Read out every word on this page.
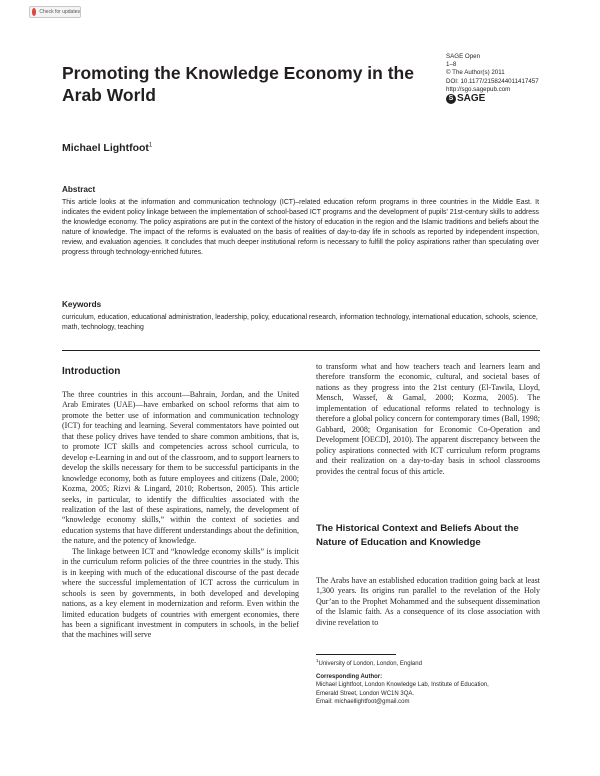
Check for updates
Promoting the Knowledge Economy in the Arab World
SAGE Open
1–8
© The Author(s) 2011
DOI: 10.1177/2158244011417457
http://sgo.sagepub.com
S SAGE
Michael Lightfoot$^1$
Abstract

This article looks at the information and communication technology (ICT)–related education reform programs in three countries in the Middle East. It indicates the evident policy linkage between the implementation of school-based ICT programs and the development of pupils' 21st-century skills to address the knowledge economy. The policy aspirations are put in the context of the history of education in the region and the Islamic traditions and beliefs about the nature of knowledge. The impact of the reforms is evaluated on the basis of realities of day-to-day life in schools as reported by independent inspection, review, and evaluation agencies. It concludes that much deeper institutional reform is necessary to fulfill the policy aspirations rather than speculating over progress through technology-enriched futures.

Keywords

curriculum, education, educational administration, leadership, policy, educational research, information technology, international education, schools, science, math, technology, teaching

Introduction

The three countries in this account—Bahrain, Jordan, and the United Arab Emirates (UAE)—have embarked on school reforms that aim to promote the better use of information and communication technology (ICT) for teaching and learning. Several commentators have pointed out that these policy drives have tended to share common ambitions, that is, to promote ICT skills and competencies across school curricula, to develop e-Learning in and out of the classroom, and to support learners to develop the skills necessary for them to be successful participants in the knowledge economy, both as future employees and citizens (Dale, 2000; Kozma, 2005; Rizvi & Lingard, 2010; Robertson, 2005). This article seeks, in particular, to identify the difficulties associated with the realization of the last of these aspirations, namely, the development of “knowledge economy skills,” within the context of societies and education systems that have different understandings about the definition, the nature, and the potency of knowledge.

The linkage between ICT and “knowledge economy skills” is implicit in the curriculum reform policies of the three countries in the study. This is in keeping with much of the educational discourse of the past decade where the successful implementation of ICT across the curriculum in schools is seen by governments, in both developed and developing nations, as a key element in modernization and reform. Even within the limited education budgets of countries with emergent economies, there has been a significant investment in computers in schools, in the belief that the machines will serve

to transform what and how teachers teach and learners learn and therefore transform the economic, cultural, and societal bases of nations as they progress into the 21st century (El-Tawila, Lloyd, Mensch, Wassef, & Gamal, 2000; Kozma, 2005). The implementation of educational reforms related to technology is therefore a global policy concern for contemporary times (Ball, 1998; Gabbard, 2008; Organisation for Economic Co-Operation and Development [OECD], 2010). The apparent discrepancy between the policy aspirations connected with ICT curriculum reform programs and their realization on a day-to-day basis in school classrooms provides the central focus of this article.

The Historical Context and Beliefs About the Nature of Education and Knowledge

The Arabs have an established education tradition going back at least 1,300 years. Its origins run parallel to the revelation of the Holy Qur’an to the Prophet Mohammed and the subsequent dissemination of the Islamic faith. As a consequence of its close association with divine revelation to

$^1$University of London, London, England
Corresponding Author:
Michael Lightfoot, London Knowledge Lab, Institute of Education,
Emerald Street, London WC1N 3QA.
Email: michaellightfoot@gmail.com
